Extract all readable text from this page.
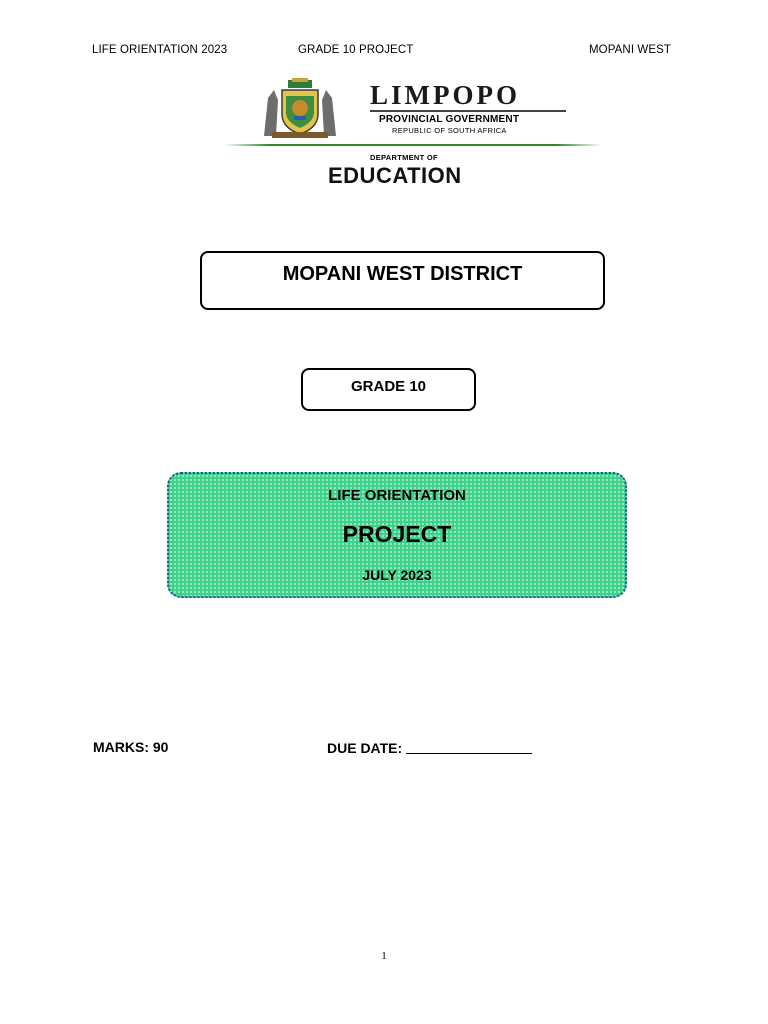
LIFE ORIENTATION 2023	GRADE 10 PROJECT	MOPANI WEST
LIMPOPO
PROVINCIAL GOVERNMENT
REPUBLIC OF SOUTH AFRICA
DEPARTMENT OF
EDUCATION
MOPANI WEST DISTRICT
GRADE 10
LIFE ORIENTATION
PROJECT
JULY 2023
MARKS: 90	DUE DATE:
1
